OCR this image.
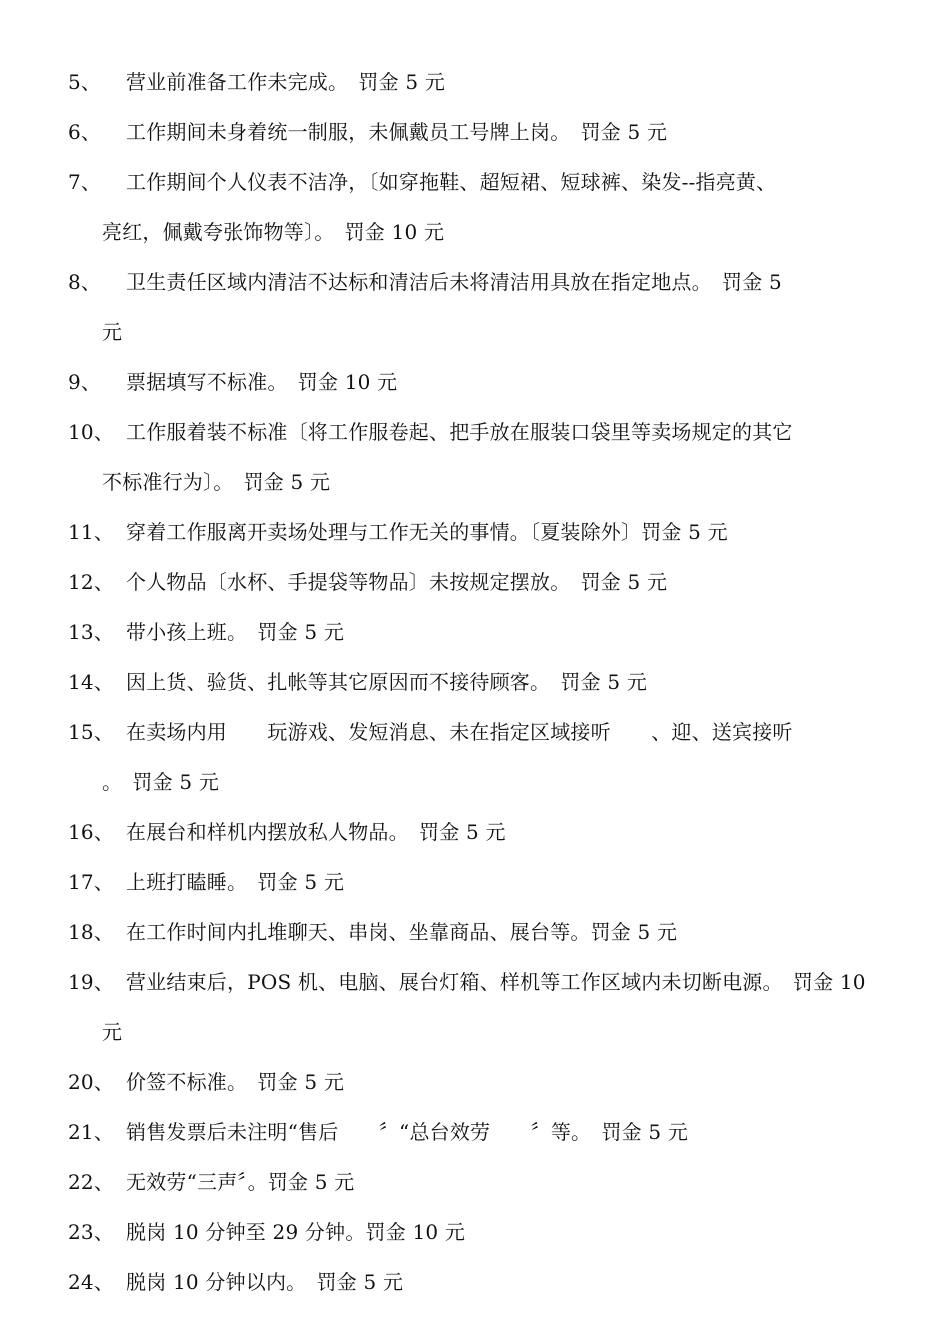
5、	营业前准备工作未完成。　罚金 5 元
6、	工作期间未身着统一制服，未佩戴员工号牌上岗。　罚金 5 元
7、	工作期间个人仪表不洁净，〔如穿拖鞋、超短裙、短球裤、染发--指亮黄、
亮红，佩戴夸张饰物等〕。　罚金 10 元
8、	卫生责任区域内清洁不达标和清洁后未将清洁用具放在指定地点。　罚金 5
元
9、	票据填写不标准。　罚金 10 元
10、 工作服着装不标准〔将工作服卷起、把手放在服装口袋里等卖场规定的其它
不标准行为〕。　罚金 5 元
11、 穿着工作服离开卖场处理与工作无关的事情。〔夏装除外〕罚金 5 元
12、 个人物品〔水杯、手提袋等物品〕未按规定摆放。　罚金 5 元
13、 带小孩上班。　罚金 5 元
14、 因上货、验货、扎帐等其它原因而不接待顾客。　罚金 5 元
15、 在卖场内用　　玩游戏、发短消息、未在指定区域接听　　、迎、送宾接听
。　罚金 5 元
16、 在展台和样机内摆放私人物品。　罚金 5 元
17、 上班打瞌睡。　罚金 5 元
18、 在工作时间内扎堆聊天、串岗、坐靠商品、展台等。罚金 5 元
19、 营业结束后，POS 机、电脑、展台灯箱、样机等工作区域内未切断电源。　罚金 10
元
20、 价签不标准。　罚金 5 元
21、 销售发票后未注明“售后　　〞“总台效劳　　〞等。　罚金 5 元
22、 无效劳“三声〞。罚金 5 元
23、 脱岗 10 分钟至 29 分钟。罚金 10 元
24、 脱岗 10 分钟以内。　罚金 5 元
